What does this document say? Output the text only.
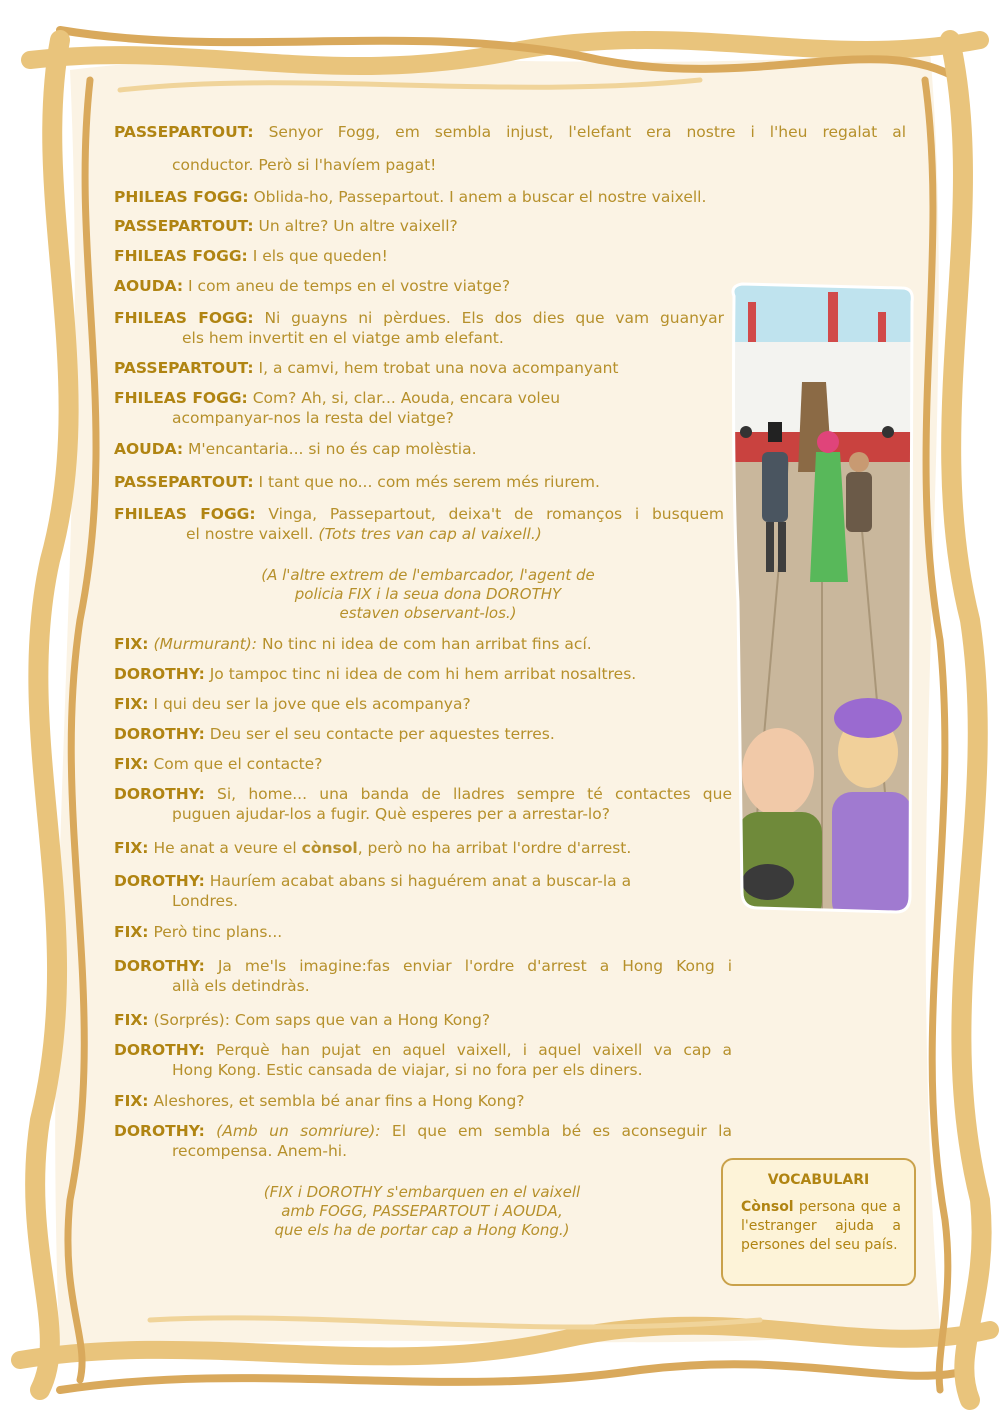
PASSEPARTOUT: Senyor Fogg, em sembla injust, l'elefant era nostre i l'heu regalat al
conductor. Però si l'havíem pagat!
PHILEAS FOGG: Oblida-ho, Passepartout. I anem a buscar el nostre vaixell.
PASSEPARTOUT: Un altre? Un altre vaixell?
FHILEAS FOGG: I els que queden!
AOUDA: I com aneu de temps en el vostre viatge?
FHILEAS FOGG: Ni guayns ni pèrdues. Els dos dies que vam guanyar
els hem invertit en el viatge amb elefant.
PASSEPARTOUT: I, a camvi, hem trobat una nova acompanyant
FHILEAS FOGG: Com? Ah, si, clar... Aouda, encara voleu
acompanyar-nos la resta del viatge?
AOUDA: M'encantaria... si no és cap molèstia.
PASSEPARTOUT: I tant que no... com més serem més riurem.
FHILEAS FOGG: Vinga, Passepartout, deixa't de romanços i busquem
el nostre vaixell. (Tots tres van cap al vaixell.)
(A l'altre extrem de l'embarcador, l'agent de
policia FIX i la seua dona DOROTHY
estaven observant-los.)
FIX: (Murmurant): No tinc ni idea de com han arribat fins ací.
DOROTHY: Jo tampoc tinc ni idea de com hi hem arribat nosaltres.
FIX: I qui deu ser la jove que els acompanya?
DOROTHY: Deu ser el seu contacte per aquestes terres.
FIX: Com que el contacte?
DOROTHY: Si, home... una banda de lladres sempre té contactes que
puguen ajudar-los a fugir. Què esperes per a arrestar-lo?
FIX: He anat a veure el cònsol, però no ha arribat l'ordre d'arrest.
DOROTHY: Hauríem acabat abans si haguérem anat a buscar-la a
Londres.
FIX: Però tinc plans...
DOROTHY: Ja me'ls imagine:fas enviar l'ordre d'arrest a Hong Kong i
allà els detindràs.
FIX: (Sorprés): Com saps que van a Hong Kong?
DOROTHY: Perquè han pujat en aquel vaixell, i aquel vaixell va cap a
Hong Kong. Estic cansada de viajar, si no fora per els diners.
FIX: Aleshores, et sembla bé anar fins a Hong Kong?
DOROTHY: (Amb un somriure): El que em sembla bé es aconseguir la
recompensa. Anem-hi.
(FIX i DOROTHY s'embarquen en el vaixell
amb FOGG, PASSEPARTOUT i AOUDA,
que els ha de portar cap a Hong Kong.)
VOCABULARI
Cònsol persona que a l'estranger ajuda a persones del seu país.
